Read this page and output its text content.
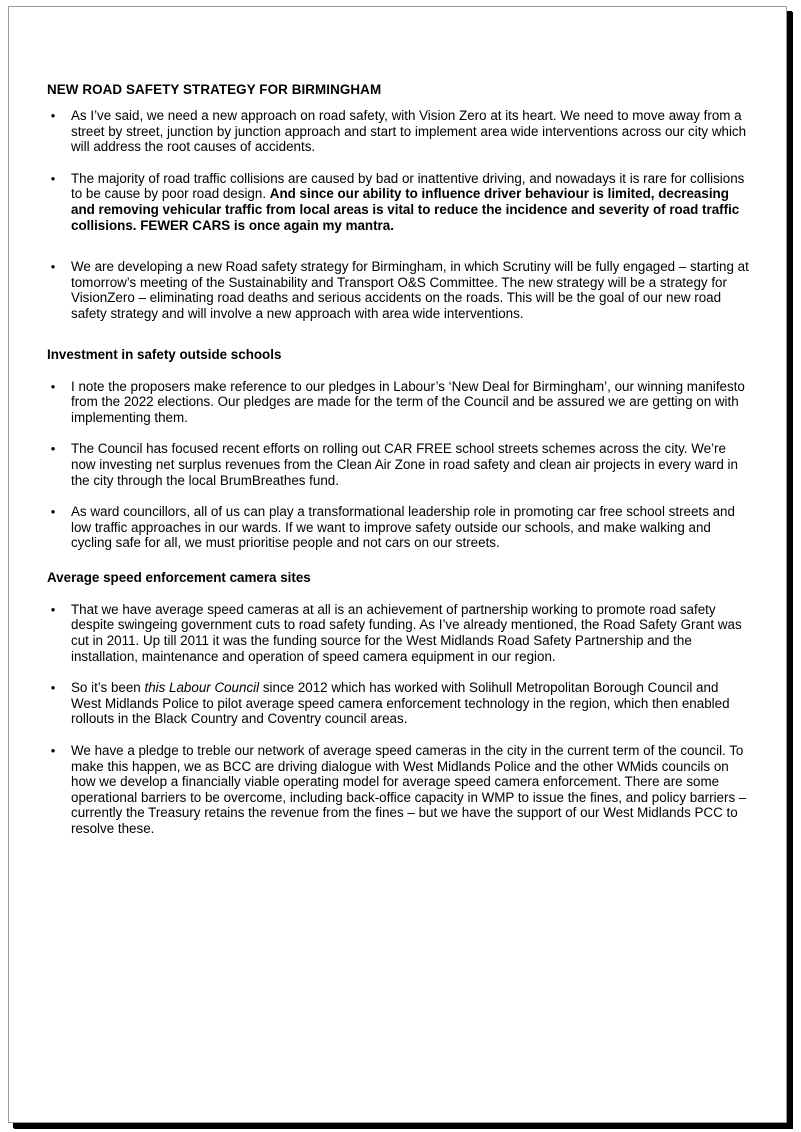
NEW ROAD SAFETY STRATEGY FOR BIRMINGHAM
• As I’ve said, we need a new approach on road safety, with Vision Zero at its heart. We need to move away from a street by street, junction by junction approach and start to implement area wide interventions across our city which will address the root causes of accidents.
• The majority of road traffic collisions are caused by bad or inattentive driving, and nowadays it is rare for collisions to be cause by poor road design. And since our ability to influence driver behaviour is limited, decreasing and removing vehicular traffic from local areas is vital to reduce the incidence and severity of road traffic collisions. FEWER CARS is once again my mantra.
• We are developing a new Road safety strategy for Birmingham, in which Scrutiny will be fully engaged – starting at tomorrow’s meeting of the Sustainability and Transport O&S Committee. The new strategy will be a strategy for VisionZero – eliminating road deaths and serious accidents on the roads. This will be the goal of our new road safety strategy and will involve a new approach with area wide interventions.
Investment in safety outside schools
• I note the proposers make reference to our pledges in Labour’s ‘New Deal for Birmingham’, our winning manifesto from the 2022 elections. Our pledges are made for the term of the Council and be assured we are getting on with implementing them.
• The Council has focused recent efforts on rolling out CAR FREE school streets schemes across the city. We’re now investing net surplus revenues from the Clean Air Zone in road safety and clean air projects in every ward in the city through the local BrumBreathes fund.
• As ward councillors, all of us can play a transformational leadership role in promoting car free school streets and low traffic approaches in our wards. If we want to improve safety outside our schools, and make walking and cycling safe for all, we must prioritise people and not cars on our streets.
Average speed enforcement camera sites
• That we have average speed cameras at all is an achievement of partnership working to promote road safety despite swingeing government cuts to road safety funding. As I’ve already mentioned, the Road Safety Grant was cut in 2011. Up till 2011 it was the funding source for the West Midlands Road Safety Partnership and the installation, maintenance and operation of speed camera equipment in our region.
• So it’s been this Labour Council since 2012 which has worked with Solihull Metropolitan Borough Council and West Midlands Police to pilot average speed camera enforcement technology in the region, which then enabled rollouts in the Black Country and Coventry council areas.
• We have a pledge to treble our network of average speed cameras in the city in the current term of the council. To make this happen, we as BCC are driving dialogue with West Midlands Police and the other WMids councils on how we develop a financially viable operating model for average speed camera enforcement. There are some operational barriers to be overcome, including back-office capacity in WMP to issue the fines, and policy barriers – currently the Treasury retains the revenue from the fines – but we have the support of our West Midlands PCC to resolve these.
